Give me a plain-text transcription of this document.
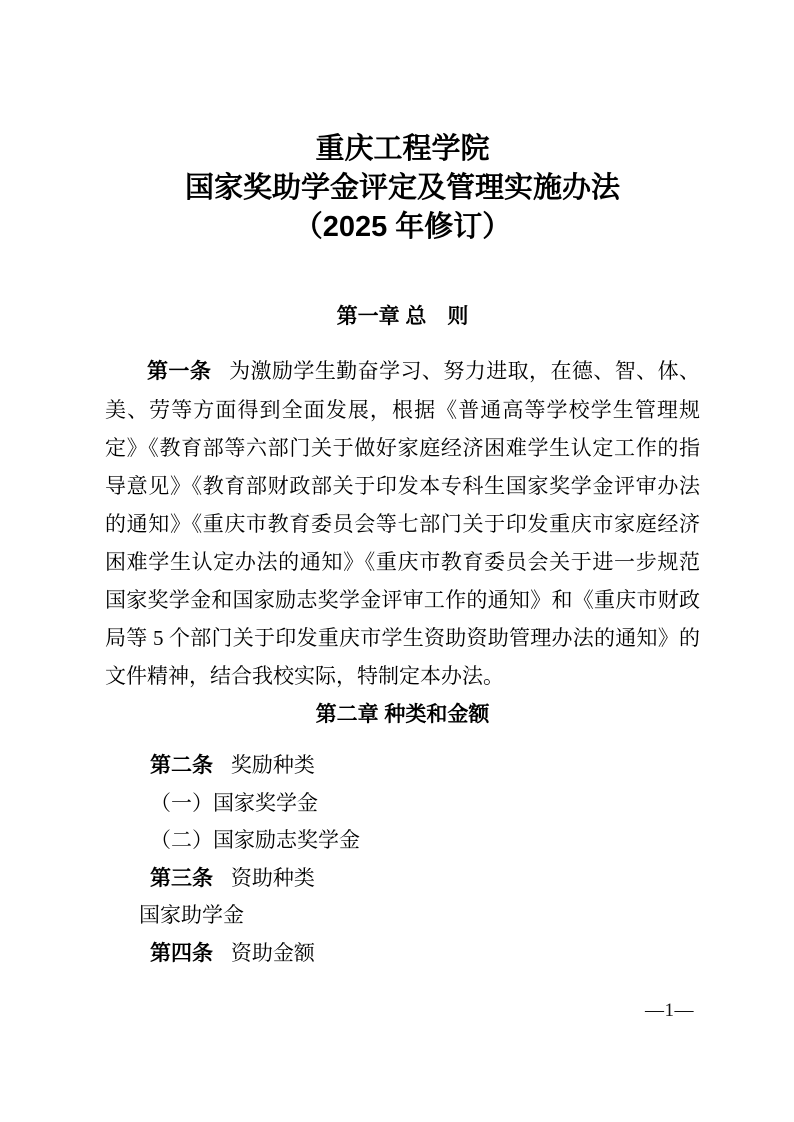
重庆工程学院
国家奖助学金评定及管理实施办法
（2025 年修订）
第一章 总　则

第一条 为激励学生勤奋学习、努力进取，在德、智、体、美、劳等方面得到全面发展，根据《普通高等学校学生管理规定》《教育部等六部门关于做好家庭经济困难学生认定工作的指导意见》《教育部财政部关于印发本专科生国家奖学金评审办法的通知》《重庆市教育委员会等七部门关于印发重庆市家庭经济困难学生认定办法的通知》《重庆市教育委员会关于进一步规范国家奖学金和国家励志奖学金评审工作的通知》和《重庆市财政局等 5 个部门关于印发重庆市学生资助资助管理办法的通知》的文件精神，结合我校实际，特制定本办法。

第二章 种类和金额
第二条 奖励种类
（一）国家奖学金
（二）国家励志奖学金
第三条 资助种类
国家助学金
第四条 资助金额
—1—
